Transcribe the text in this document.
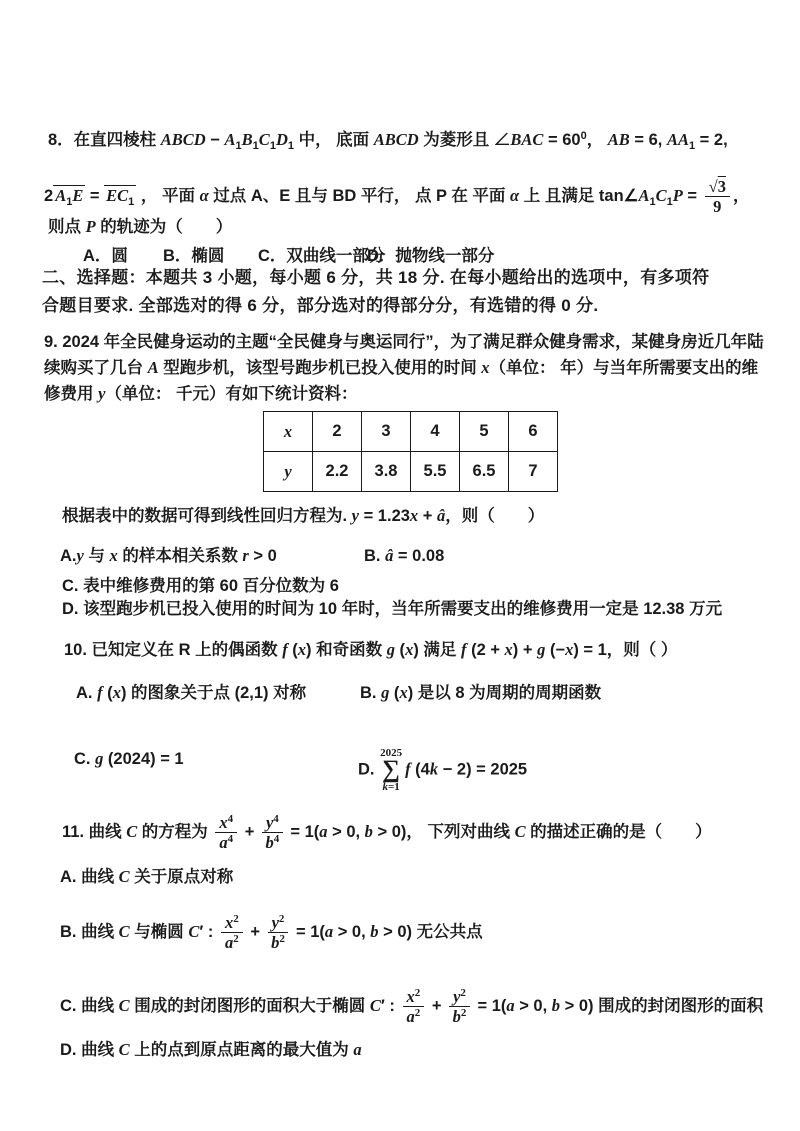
8．在直四棱柱 ABCD − $A_1B_1C_1D_1$ 中， 底面 ABCD 为菱形且 ∠BAC = $60^0$， AB = 6, $AA_1 = 2$,
2 $A_1E = EC_1$ ， 平面 α 过点 A、E 且与 BD 平行， 点 P 在 平面 α 上 且满足 $\tan\angle A_1C_1P = \frac{√3}{9}$ ，
则点 P 的轨迹为（　　）
A．圆 B．椭圆 C．双曲线一部分
D．抛物线一部分
二、选择题：本题共 3 小题，每小题 6 分，共 18 分. 在每小题给出的选项中，有多项符
合题目要求. 全部选对的得 6 分，部分选对的得部分分，有选错的得 0 分.
9. 2024 年全民健身运动的主题“全民健身与奥运同行”，为了满足群众健身需求，某健身房近几年陆
续购买了几台 A 型跑步机，该型号跑步机已投入使用的时间 x（单位： 年）与当年所需要支出的维
修费用 y（单位： 千元）有如下统计资料：
x	2	3	4	5	6
y	2.2	3.8	5.5	6.5	7
根据表中的数据可得到线性回归方程为. y = 1.23x + â，则（　　）
A.y 与 x 的样本相关系数 r > 0	B. â = 0.08
C. 表中维修费用的第 60 百分位数为 6
D. 该型跑步机已投入使用的时间为 10 年时，当年所需要支出的维修费用一定是 12.38 万元
10. 已知定义在 R 上的偶函数 f (x) 和奇函数 g (x) 满足 f (2 + x) + g (−x) = 1，则（ ）
A. f (x) 的图象关于点 (2,1) 对称	B. g (x) 是以 8 为周期的周期函数
C. g (2024) = 1
D.
2025
∑
k=1
f (4k − 2) = 2025
11. 曲线 C 的方程为 $\frac{x^4}{a^4} + \frac{y^4}{b^4} = 1(a > 0$, b > 0)， 下列对曲线 C 的描述正确的是（　　）
A. 曲线 C 关于原点对称
B. 曲线 C 与椭圆 C′ : $\frac{x^2}{a^2} + \frac{y^2}{b^2} = 1(a > 0$, b > 0) 无公共点
C. 曲线 C 围成的封闭图形的面积大于椭圆 C′ : $\frac{x^2}{a^2} + \frac{y^2}{b^2} = 1(a > 0$, b > 0) 围成的封闭图形的面积
D. 曲线 C 上的点到原点距离的最大值为 a
